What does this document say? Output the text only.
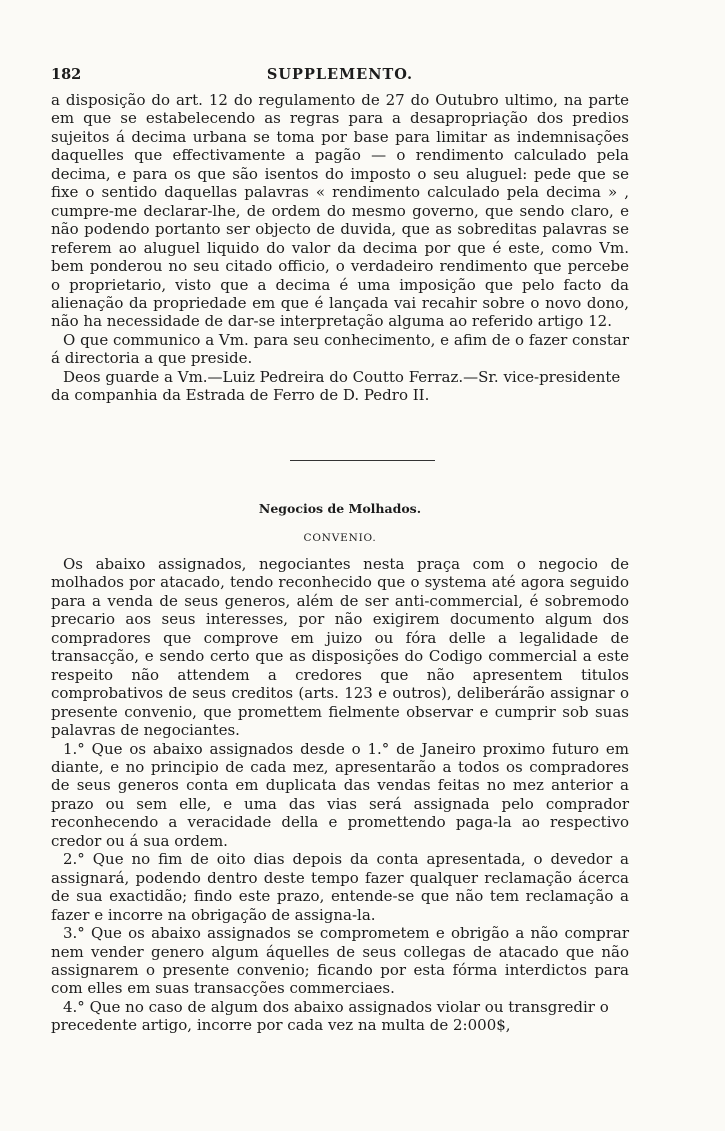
182	SUPPLEMENTO.

a disposição do art. 12 do regulamento de 27 do Outubro ultimo, na parte em que se estabelecendo as regras para a desapropriação dos predios sujeitos á decima urbana se toma por base para limitar as indemnisações daquelles que effectivamente a pagão — o rendimento calculado pela decima, e para os que são isentos do imposto o seu aluguel: pede que se fixe o sentido daquellas palavras « rendimento calculado pela decima » , cumpre-me declarar-lhe, de ordem do mesmo governo, que sendo claro, e não podendo portanto ser objecto de duvida, que as sobreditas palavras se referem ao aluguel liquido do valor da decima por que é este, como Vm. bem ponderou no seu citado officio, o verdadeiro rendimento que percebe o proprietario, visto que a decima é uma imposição que pelo facto da alienação da propriedade em que é lançada vai recahir sobre o novo dono, não ha necessidade de dar-se interpretação alguma ao referido artigo 12.

O que communico a Vm. para seu conhecimento, e afim de o fazer constar á directoria a que preside.

Deos guarde a Vm.—Luiz Pedreira do Coutto Ferraz.—Sr. vice-presidente da companhia da Estrada de Ferro de D. Pedro II.

Negocios de Molhados.
CONVENIO.

Os abaixo assignados, negociantes nesta praça com o negocio de molhados por atacado, tendo reconhecido que o systema até agora seguido para a venda de seus generos, além de ser anti-commercial, é sobremodo precario aos seus interesses, por não exigirem documento algum dos compradores que comprove em juizo ou fóra delle a legalidade de transacção, e sendo certo que as disposições do Codigo commercial a este respeito não attendem a credores que não apresentem titulos comprobativos de seus creditos (arts. 123 e outros), deliberárão assignar o presente convenio, que promettem fielmente observar e cumprir sob suas palavras de negociantes.

1.° Que os abaixo assignados desde o 1.° de Janeiro proximo futuro em diante, e no principio de cada mez, apresentarão a todos os compradores de seus generos conta em duplicata das vendas feitas no mez anterior a prazo ou sem elle, e uma das vias será assignada pelo comprador reconhecendo a veracidade della e promettendo paga-la ao respectivo credor ou á sua ordem.

2.° Que no fim de oito dias depois da conta apresentada, o devedor a assignará, podendo dentro deste tempo fazer qualquer reclamação ácerca de sua exactidão; findo este prazo, entende-se que não tem reclamação a fazer e incorre na obrigação de assigna-la.

3.° Que os abaixo assignados se comprometem e obrigão a não comprar nem vender genero algum áquelles de seus collegas de atacado que não assignarem o presente convenio; ficando por esta fórma interdictos para com elles em suas transacções commerciaes.

4.° Que no caso de algum dos abaixo assignados violar ou transgredir o precedente artigo, incorre por cada vez na multa de 2:000$,
